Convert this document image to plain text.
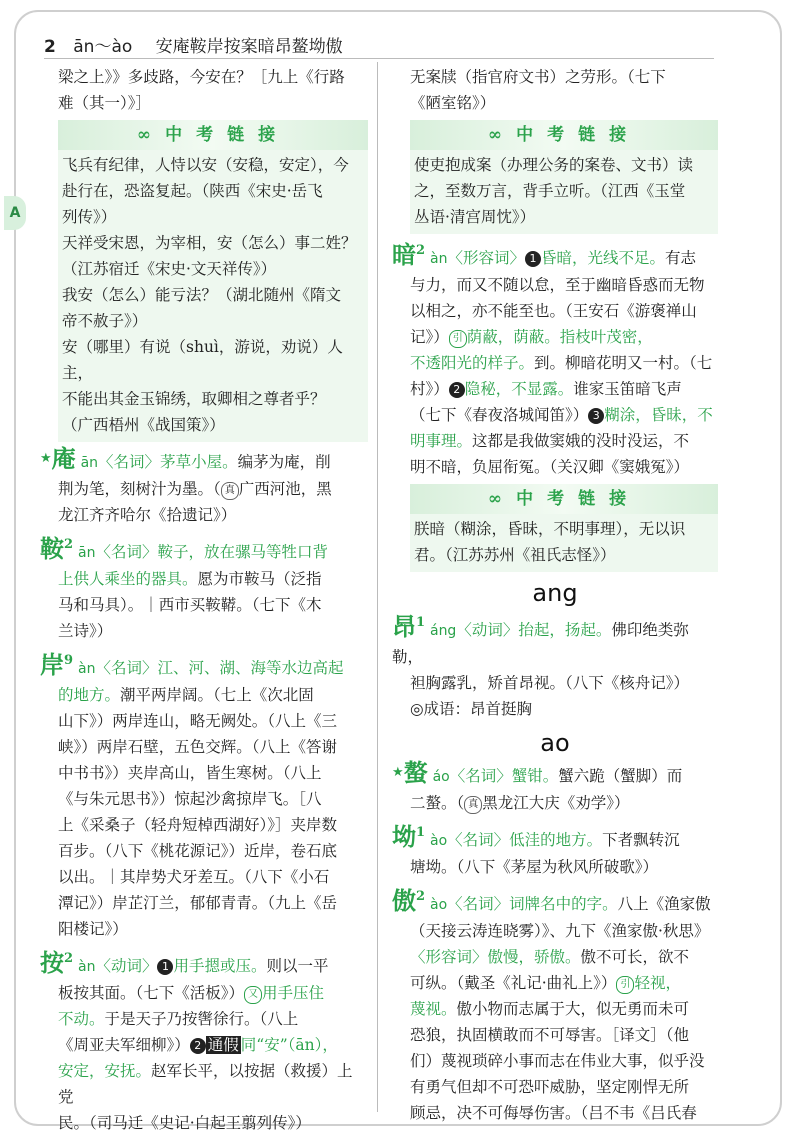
2 ān～ào 安庵鞍岸按案暗昂鳌坳傲
A

梁之上》》多歧路，今安在？［九上《行路

难（其一）》］

∞中考链接

飞兵有纪律，人恃以安（安稳，安定），今

赴行在，恐盗复起。（陕西《宋史·岳飞

列传》）

天祥受宋恩，为宰相，安（怎么）事二姓？

（江苏宿迁《宋史·文天祥传》）

我安（怎么）能亏法？（湖北随州《隋文

帝不赦子》）

安（哪里）有说（shuì，游说，劝说）人主，

不能出其金玉锦绣，取卿相之尊者乎？

（广西梧州《战国策》）

★庵 ān〈名词〉茅草小屋。编茅为庵，削

荆为笔，刻树汁为墨。（ 真 广西河池，黑

龙江齐齐哈尔《拾遗记》）

鞍$^2$ ān〈名词〉鞍子，放在骡马等牲口背

上供人乘坐的器具。愿为市鞍马（泛指

马和马具）。｜西市买鞍鞯。（七下《木

兰诗》）

岸$^9$ àn〈名词〉江、河、湖、海等水边高起

的地方。潮平两岸阔。（七上《次北固

山下》）两岸连山，略无阙处。（八上《三

峡》）两岸石壁，五色交辉。（八上《答谢

中书书》）夹岸高山，皆生寒树。（八上

《与朱元思书》）惊起沙禽掠岸飞。［八

上《采桑子（轻舟短棹西湖好）》］夹岸数

百步。（八下《桃花源记》）近岸，卷石底

以出。｜其岸势犬牙差互。（八下《小石

潭记》）岸芷汀兰，郁郁青青。（九上《岳

阳楼记》）

按$^2$ àn〈动词〉 1 用手摁或压。则以一平

板按其面。（七下《活板》） 又 用手压住

不动。于是天子乃按辔徐行。（八上

《周亚夫军细柳》） 2 通假 同“安”（ān），

安定，安抚。赵军长平，以按据（救援）上党

民。（司马迁《史记·白起王翦列传》）

无案牍（指官府文书）之劳形。（七下

《陋室铭》）

∞中考链接

使吏抱成案（办理公务的案卷、文书）读

之，至数万言，背手立听。（江西《玉堂

丛语·清宫周忱》）

暗$^2$ àn〈形容词〉 1 昏暗，光线不足。有志

与力，而又不随以怠，至于幽暗昏惑而无物

以相之，亦不能至也。（王安石《游褒禅山

记》） 引 荫蔽，荫蔽。指枝叶茂密，

不透阳光的样子。到。柳暗花明又一村。（七

村》） 2 隐秘，不显露。谁家玉笛暗飞声

（七下《春夜洛城闻笛》） 3 糊涂，昏昧，不

明事理。这都是我做窦娥的没时没运，不

明不暗，负屈衔冤。（关汉卿《窦娥冤》）

∞中考链接

朕暗（糊涂，昏昧，不明事理），无以识

君。（江苏苏州《祖氏志怪》）

ang

昂$^1$ áng〈动词〉抬起，扬起。佛印绝类弥勒，

袒胸露乳，矫首昂视。（八下《核舟记》）

◎成语：昂首挺胸

ao

★螯 áo〈名词〉蟹钳。蟹六跪（蟹脚）而

二螯。（ 真 黑龙江大庆《劝学》）

坳$^1$ ào〈名词〉低洼的地方。下者飘转沉

塘坳。（八下《茅屋为秋风所破歌》）

傲$^2$ ào〈名词〉词牌名中的字。八上《渔家傲

（天接云涛连晓雾）》、九下《渔家傲·秋思》

〈形容词〉傲慢，骄傲。傲不可长，欲不

可纵。（戴圣《礼记·曲礼上》） 引 轻视，

蔑视。傲小物而志属于大，似无勇而未可

恐狼，执固横敢而不可辱害。［译文］（他

们）蔑视琐碎小事而志在伟业大事，似乎没

有勇气但却不可恐吓威胁，坚定刚悍无所

顾忌，决不可侮辱伤害。（吕不韦《吕氏春
